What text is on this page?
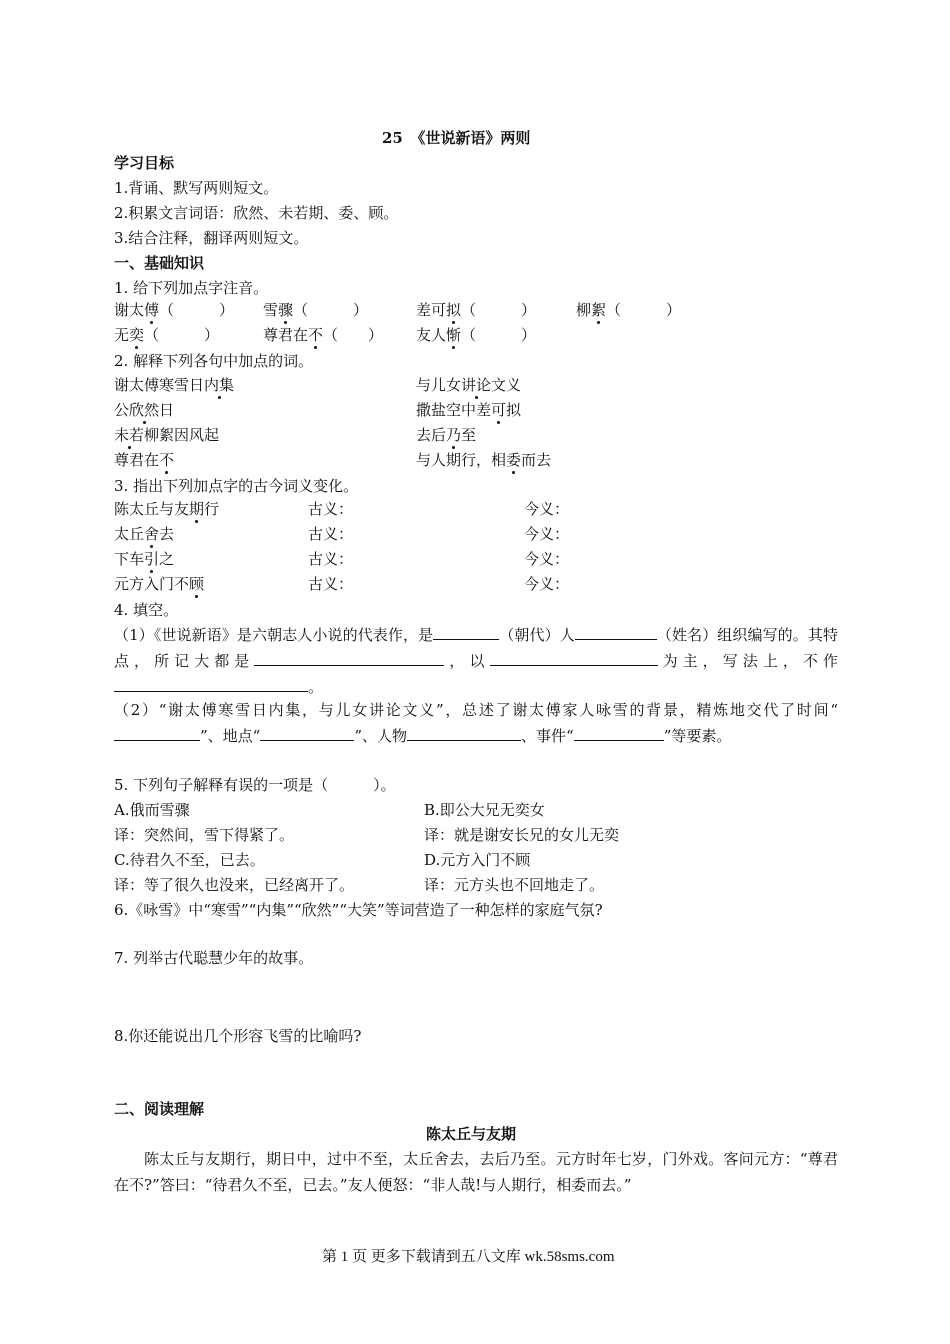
25　《世说新语》两则
学习目标
1.背诵、默写两则短文。
2.积累文言词语：欣然、未若期、委、顾。
3.结合注释，翻译两则短文。
一、基础知识
1. 给下列加点字注音。
谢太傅（　　　） 雪骤（　　　）	差可拟（　　　）	柳絮（　　　）
无奕（　　　）	尊君在不（　　） 友人惭（　　　）
2. 解释下列各句中加点的词。
谢太傅寒雪日内集	与儿女讲论文义
公欣然日	撒盐空中差可拟
未若柳絮因风起	去后乃至
尊君在不	与人期行，相委而去
3. 指出下列加点字的古今词义变化。
陈太丘与友期行	古义：	今义：
太丘舍去	古义：	今义：
下车引之	古义：	今义：
元方入门不顾	古义：	今义：
4. 填空。
（1）《世说新语》是六朝志人小说的代表作，是	（朝代）人	（姓名）组织编写的。其特点，所记大都是	，以	为主，写法上，不作。
（2）“谢太傅寒雪日内集，与儿女讲论文义”，总述了谢太傅家人咏雪的背景，精炼地交代了时间“”、地点“	”、人物	、事件“	”等要素。
5. 下列句子解释有误的一项是（　　　）。
A.俄而雪骤	B.即公大兄无奕女
译：突然间，雪下得紧了。	译：就是谢安长兄的女儿无奕
C.待君久不至，已去。	D.元方入门不顾
译：等了很久也没来，已经离开了。	译：元方头也不回地走了。
6.《咏雪》中“寒雪”“内集”“欣然”“大笑”等词营造了一种怎样的家庭气氛?
7. 列举古代聪慧少年的故事。
8.你还能说出几个形容飞雪的比喻吗?
二、阅读理解
陈太丘与友期
陈太丘与友期行，期日中，过中不至，太丘舍去，去后乃至。元方时年七岁，门外戏。客问元方：“尊君在不?”答曰：“待君久不至，已去。”友人便怒：“非人哉!与人期行，相委而去。”
第 1 页 更多下载请到五八文库 wk.58sms.com
